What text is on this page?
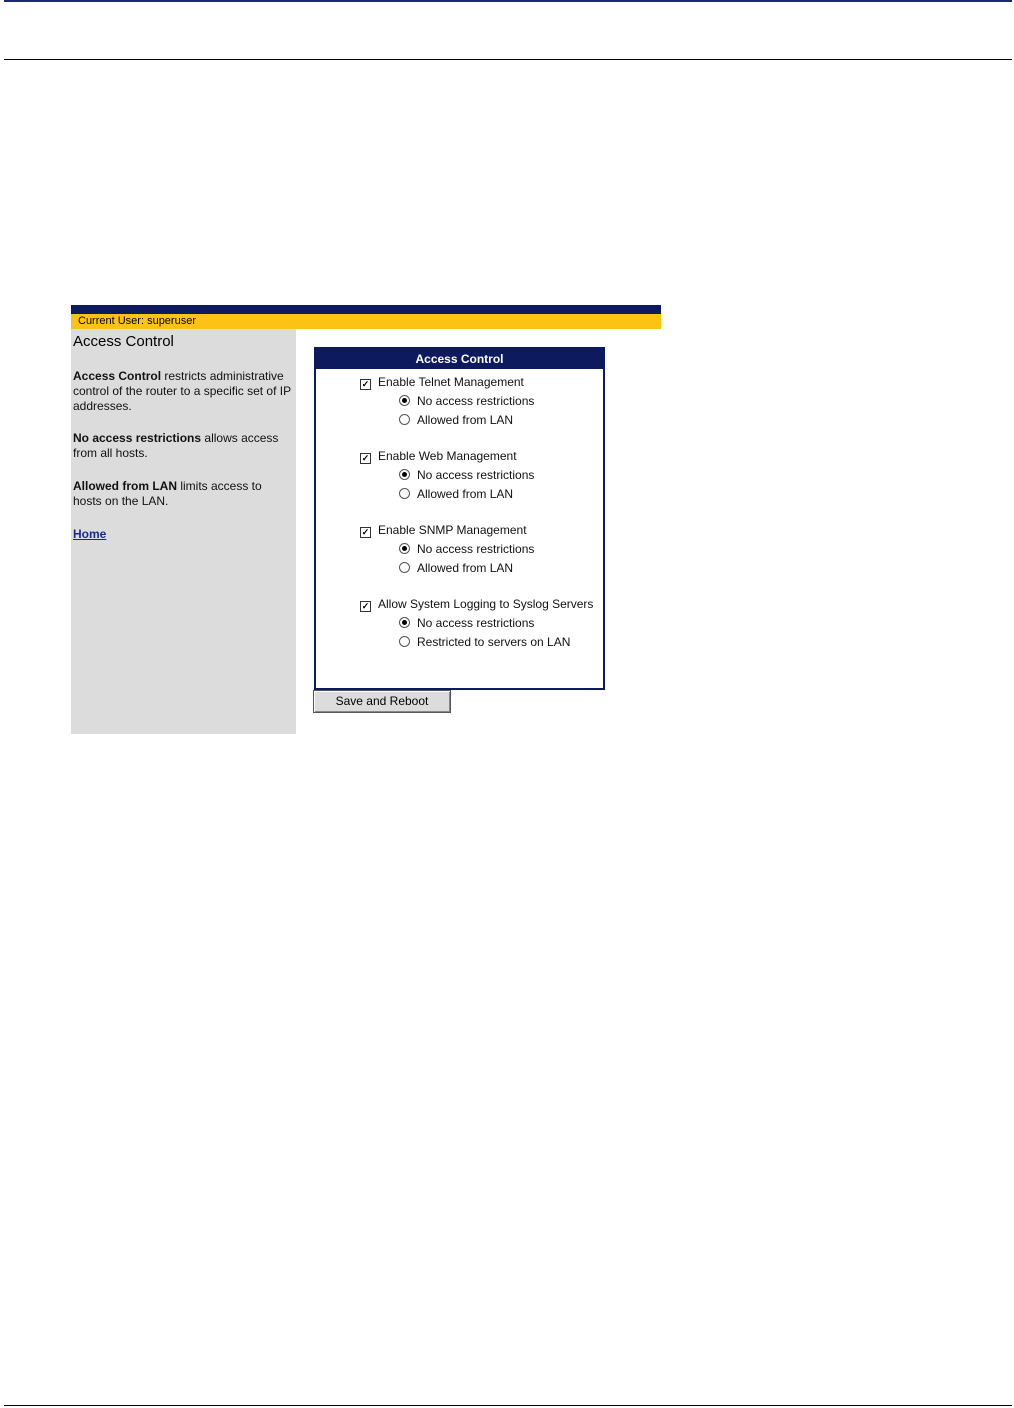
Current User: superuser
Access Control
Access Control restricts administrative control of the router to a specific set of IP addresses.
No access restrictions allows access from all hosts.
Allowed from LAN limits access to hosts on the LAN.
Home
Access Control
✓ Enable Telnet Management
No access restrictions
Allowed from LAN
✓ Enable Web Management
No access restrictions
Allowed from LAN
✓ Enable SNMP Management
No access restrictions
Allowed from LAN
✓ Allow System Logging to Syslog Servers
No access restrictions
Restricted to servers on LAN
Save and Reboot
